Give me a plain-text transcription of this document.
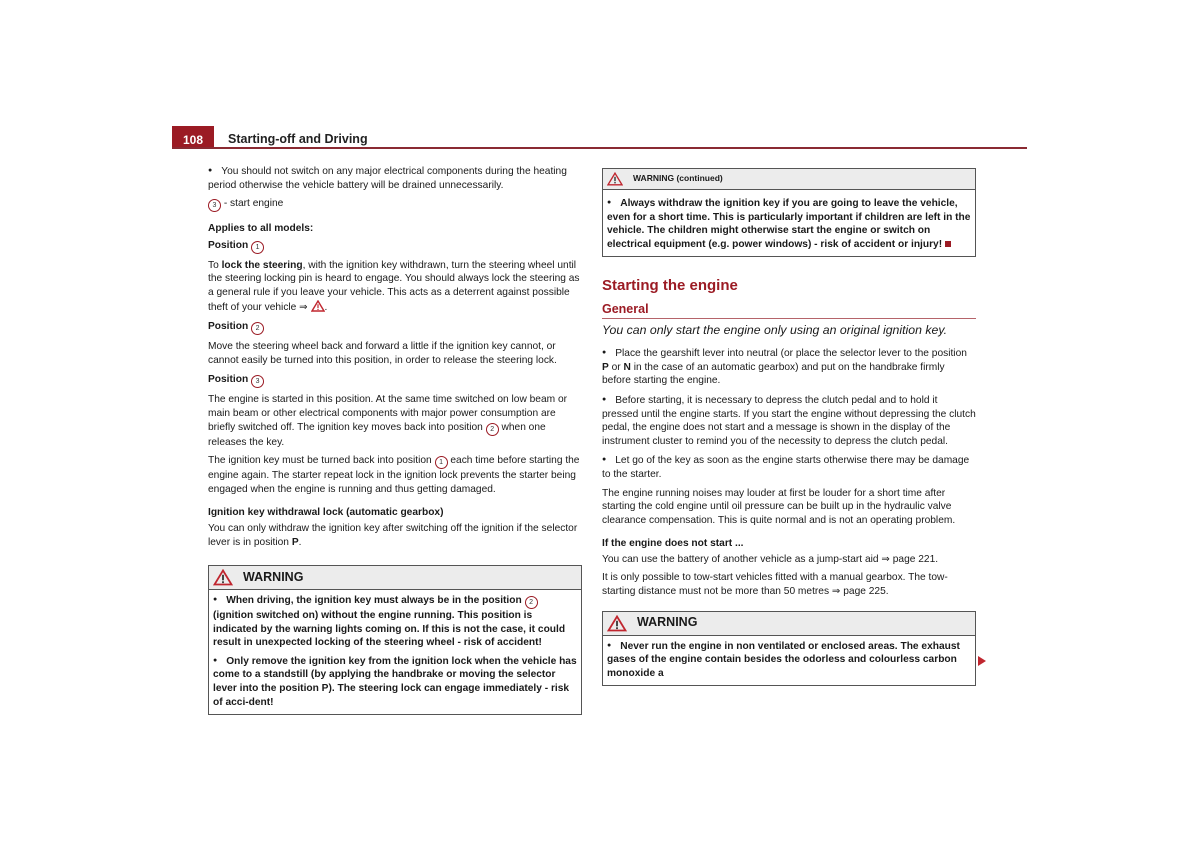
108	Starting-off and Driving

● You should not switch on any major electrical components during the heating period otherwise the vehicle battery will be drained unnecessarily.

3 - start engine

Applies to all models:

Position 1

To lock the steering, with the ignition key withdrawn, turn the steering wheel until the steering locking pin is heard to engage. You should always lock the steering as a general rule if you leave your vehicle. This acts as a deterrent against possible theft of your vehicle ⇒ .

Position 2

Move the steering wheel back and forward a little if the ignition key cannot, or cannot easily be turned into this position, in order to release the steering lock.

Position 3

The engine is started in this position. At the same time switched on low beam or main beam or other electrical components with major power consumption are briefly switched off. The ignition key moves back into position 2 when one releases the key.

The ignition key must be turned back into position 1 each time before starting the engine again. The starter repeat lock in the ignition lock prevents the starter being engaged when the engine is running and thus getting damaged.

Ignition key withdrawal lock (automatic gearbox)

You can only withdraw the ignition key after switching off the ignition if the selector lever is in position P.

WARNING

● When driving, the ignition key must always be in the position 2 (ignition switched on) without the engine running. This position is indicated by the warning lights coming on. If this is not the case, it could result in unexpected locking of the steering wheel - risk of accident!

● Only remove the ignition key from the ignition lock when the vehicle has come to a standstill (by applying the handbrake or moving the selector lever into the position P). The steering lock can engage immediately - risk of acci-dent!

WARNING (continued)

● Always withdraw the ignition key if you are going to leave the vehicle, even for a short time. This is particularly important if children are left in the vehicle. The children might otherwise start the engine or switch on electrical equipment (e.g. power windows) - risk of accident or injury!

Starting the engine
General

You can only start the engine only using an original ignition key.

● Place the gearshift lever into neutral (or place the selector lever to the position P or N in the case of an automatic gearbox) and put on the handbrake firmly before starting the engine.

● Before starting, it is necessary to depress the clutch pedal and to hold it pressed until the engine starts. If you start the engine without depressing the clutch pedal, the engine does not start and a message is shown in the display of the instrument cluster to remind you of the necessity to depress the clutch pedal.

● Let go of the key as soon as the engine starts otherwise there may be damage to the starter.

The engine running noises may louder at first be louder for a short time after starting the cold engine until oil pressure can be built up in the hydraulic valve clearance compensation. This is quite normal and is not an operating problem.

If the engine does not start ...

You can use the battery of another vehicle as a jump-start aid ⇒ page 221.

It is only possible to tow-start vehicles fitted with a manual gearbox. The tow-starting distance must not be more than 50 metres ⇒ page 225.

WARNING

● Never run the engine in non ventilated or enclosed areas. The exhaust gases of the engine contain besides the odorless and colourless carbon monoxide a
